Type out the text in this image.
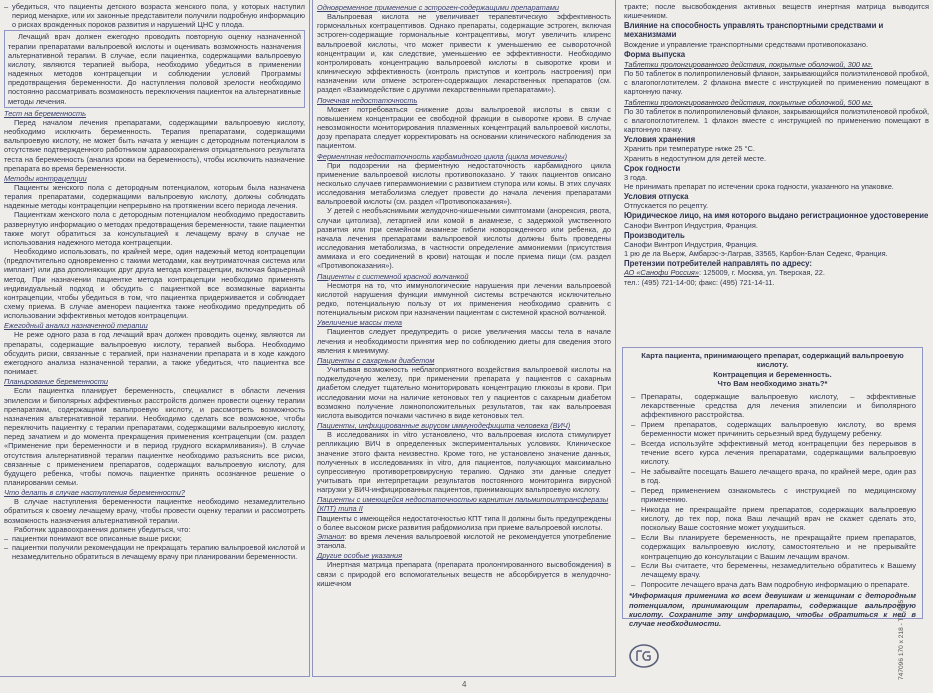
– убедиться, что пациенты детского возраста женского пола, у которых наступил период менархе, или их законные представители получили подробную информацию о рисках врожденных пороков развития и нарушений ЦНС у плода.

Лечащий врач должен ежегодно проводить повторную оценку назначенной терапии препаратами вальпроевой кислоты и оценивать возможность назначения альтернативной терапии. В случае, если пациентка, содержащими вальпроевую кислоту, являются терапией выбора, необходимо убедиться в применении надежных методов контрацепции и соблюдении условий Программы предотвращения беременности. До наступления половой зрелости необходимо постоянно рассматривать возможность переключения пациенток на альтернативные методы лечения.

Тест на беременность

Перед началом лечения препаратами, содержащими вальпроевую кислоту, необходимо исключить беременность. Терапия препаратами, содержащими вальпроевую кислоту, не может быть начата у женщин с детородным потенциалом в отсутствие подтвержденного работником здравоохранения отрицательного результата теста на беременность (анализ крови на беременность), чтобы исключить назначение препарата во время беременности.

Методы контрацепции

Пациенты женского пола с детородным потенциалом, которым была назначена терапия препаратами, содержащими вальпроевую кислоту, должны соблюдать надежные методы контрацепции непрерывно на протяжении всего периода лечения.

Пациенткам женского пола с детородным потенциалом необходимо предоставить развернутую информацию о методах предотвращения беременности, такие пациентки также могут обратиться за консультацией к лечащему врачу в случае не использования надежного метода контрацепции.

Необходимо использовать, по крайней мере, один надежный метод контрацепции (предпочтительно одновременно с такими методами, как внутриматочная система или имплант) или два дополняющих друг друга метода контрацепции, включая барьерный метод. При назначении пациентке метода контрацепции необходимо применять индивидуальный подход и обсудить с пациенткой все возможные варианты контрацепции, чтобы убедиться в том, что пациентка придерживается и соблюдает схему приема. В случае аменореи пациентка также необходимо предупредить об использовании эффективных методов контрацепции.

Ежегодный анализ назначенной терапии

Не реже одного раза в год лечащий врач должен проводить оценку, являются ли препараты, содержащие вальпроевую кислоту, терапией выбора. Необходимо обсудить риски, связанные с терапией, при назначении препарата и в ходе каждого ежегодного анализа назначенной терапии, а также убедиться, что пациентка все понимает.

Планирование беременности

Если пациентка планирует беременность, специалист в области лечения эпилепсии и биполярных аффективных расстройств должен провести оценку терапии препаратами, содержащими вальпроевую кислоту, и рассмотреть возможность назначения альтернативной терапии. Необходимо сделать все возможное, чтобы переключить пациентку с терапии препаратами, содержащими вальпроевую кислоту, перед зачатием и до момента прекращения применения контрацепции (см. раздел «Применение при беременности и в период грудного вскармливания»). В случае отсутствия альтернативной терапии пациентке необходимо разъяснить все риски, связанные с применением препаратов, содержащих вальпроевую кислоту, для будущего ребенка, чтобы помочь пациентке принять осознанное решение о планировании семьи.

Что делать в случае наступления беременности?

В случае наступления беременности пациентке необходимо незамедлительно обратиться к своему лечащему врачу, чтобы провести оценку терапии и рассмотреть возможность назначения альтернативной терапии.

Работник здравоохранения должен убедиться, что:

– пациентки понимают все описанные выше риски;
– пациентки получили рекомендации не прекращать терапию вальпроевой кислотой и незамедлительно обратиться в лечащему врачу при планировании беременности.
Одновременное применение с эстроген-содержащими препаратами

Вальпроевая кислота не увеличивает терапевтическую эффективность гормональных контрацептивов. Однако препараты, содержащие эстроген, включая эстроген-содержащие гормональные контрацептивы, могут увеличить клиренс вальпроевой кислоты, что может привести к уменьшению ее сывороточной концентрации и, как следствие, уменьшению ее эффективности. Необходимо контролировать концентрацию вальпроевой кислоты в сыворотке крови и клиническую эффективность (контроль приступов и контроль настроения) при назначении или отмене эстроген-содержащих лекарственных препаратов (см. раздел «Взаимодействие с другими лекарственными препаратами»).

Почечная недостаточность

Может потребоваться снижение дозы вальпроевой кислоты в связи с повышением концентрации ее свободной фракции в сыворотке крови. В случае невозможности мониторирования плазменных концентраций вальпроевой кислоты, дозу препарата следует корректировать на основании клинического наблюдения за пациентом.

Ферментная недостаточность карбамидного цикла (цикла мочевины)

При подозрении на ферментную недостаточность карбамидного цикла применение вальпроевой кислоты противопоказано. У таких пациентов описано несколько случаев гипераммониемии с развитием ступора или комы. В этих случаях исследования метаболизма следует провести до начала лечения препаратами вальпроевой кислоты (см. раздел «Противопоказания»).

У детей с необъяснимыми желудочно-кишечными симптомами (анорексия, рвота, случаи цитолиза), летаргией или комой в анамнезе, с задержкой умственного развития или при семейном анамнезе гибели новорожденного или ребенка, до начала лечения препаратами вальпроевой кислоты должны быть проведены исследования метаболизма, в частности определение аммониемии (присутствия аммиака и его соединений в крови) натощак и после приема пищи (см. раздел «Противопоказания»).

Пациенты с системной красной волчанкой

Несмотря на то, что иммунологические нарушения при лечении вальпроевой кислотой нарушения функции иммунной системы встречаются исключительно редко, потенциальную пользу от их применения необходимо сравнить с потенциальным риском при назначении пациентам с системной красной волчанкой.

Увеличение массы тела

Пациентов следует предупредить о риске увеличения массы тела в начале лечения и необходимости принятия мер по соблюдению диеты для сведения этого явления к минимуму.

Пациенты с сахарным диабетом

Учитывая возможность неблагоприятного воздействия вальпроевой кислоты на поджелудочную железу, при применении препарата у пациентов с сахарным диабетом следует тщательно мониторировать концентрацию глюкозы в крови. При исследовании мочи на наличие кетоновых тел у пациентов с сахарным диабетом возможно получение ложноположительных результатов, так как вальпроевая кислота выводится почками частично в виде кетоновых тел.

Пациенты, инфицированные вирусом иммунодефицита человека (ВИЧ)

В исследованиях in vitro установлено, что вальпроевая кислота стимулирует репликацию ВИЧ в определенных экспериментальных условиях. Клиническое значение этого факта неизвестно. Кроме того, не установлено значение данных, полученных в исследованиях in vitro, для пациентов, получающих максимально супрессивную противоретровирусную терапию. Однако эти данные следует учитывать при интерпретации результатов постоянного мониторинга вирусной нагрузки у ВИЧ-инфицированных пациентов, принимающих вальпроевую кислоту.

Пациенты с имеющейся недостаточностью карнитин пальмитоилтрансферазы (КПТ) типа II

Пациенты с имеющейся недостаточностью КПТ типа II должны быть предупреждены о более высоком риске развития рабдомиолиза при приеме вальпроевой кислоты.

Этанол: во время лечения вальпроевой кислотой не рекомендуется употребление этанола.

Другие особые указания

Инертная матрица препарата (препарата пролонгированного высвобождения) в связи с природой его вспомогательных веществ не абсорбируется в желудочно-кишечном

тракте; после высвобождения активных веществ инертная матрица выводится кишечником.

Влияние на способность управлять транспортными средствами и механизмами

Вождение и управление транспортными средствами противопоказано.

Форма выпуска
Таблетки пролонгированного действия, покрытые оболочкой, 300 мг.

По 50 таблеток в полипропиленовый флакон, закрывающийся полиэтиленовой пробкой, с влагопоглотителем. 2 флакона вместе с инструкцией по применению помещают в картонную пачку.

Таблетки пролонгированного действия, покрытые оболочкой, 500 мг.

По 30 таблеток в полипропиленовый флакон, закрывающийся полиэтиленовой пробкой, с влагопоглотителем. 1 флакон вместе с инструкцией по применению помещают в картонную пачку.

Условия хранения

Хранить при температуре ниже 25 °С.

Хранить в недоступном для детей месте.

Срок годности

3 года.

Не принимать препарат по истечении срока годности, указанного на упаковке.

Условия отпуска

Отпускается по рецепту.

Юридическое лицо, на имя которого выдано регистрационное удостоверение

Санофи Винтроп Индустрия, Франция.

Производитель

Санофи Винтроп Индустрия, Франция.

1 рю де ла Вьерж, Амбарэс-э-Лаграв, 33565, Карбон-Блан Седекс, Франция.

Претензии потребителей направлять по адресу:

АО «Санофи Россия»: 125009, г. Москва, ул. Тверская, 22.

тел.: (495) 721-14-00; факс: (495) 721-14-11.

Карта пациента, принимающего препарат, содержащий вальпроевую кислоту.
Контрацепция и беременность.
Что Вам необходимо знать?*
– Препараты, содержащие вальпроевую кислоту, – эффективные лекарственные средства для лечения эпилепсии и биполярного аффективного расстройства.
– Прием препаратов, содержащих вальпроевую кислоту, во время беременности может причинить серьезный вред будущему ребенку.
– Всегда используйте эффективный метод контрацепции без перерывов в течение всего курса лечения препаратами, содержащими вальпроевую кислоту.
– Не забывайте посещать Вашего лечащего врача, по крайней мере, один раз в год.
– Перед применением ознакомьтесь с инструкцией по медицинскому применению.
– Никогда не прекращайте прием препаратов, содержащих вальпроевую кислоту, до тех пор, пока Ваш лечащий врач не скажет сделать это, поскольку Ваше состояние может ухудшиться.
– Если Вы планируете беременность, не прекращайте прием препаратов, содержащих вальпроевую кислоту, самостоятельно и не прерывайте контрацепцию до консультации с Вашим лечащим врачом.
– Если Вы считаете, что беременны, незамедлительно обратитесь к Вашему лечащему врачу.
– Попросите лечащего врача дать Вам подробную информацию о препарате.
*Информация применима ко всем девушкам и женщинам с детородным потенциалом, принимающим препараты, содержащие вальпроевую кислоту. Сохраните эту информацию, чтобы обратиться к ней в случае необходимости.	747096 170 x 218 - TC 845
4
